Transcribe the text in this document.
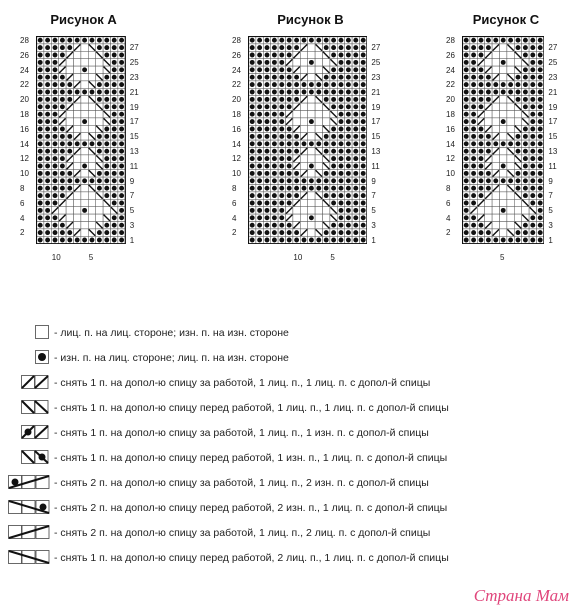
Рисунок А
28
26
24
22
20
18
16
14
12
10
8
6
4
2
27
25
23
21
19
17
15
13
11
9
7
5
3
1
10	5
Рисунок В
28
26
24
22
20
18
16
14
12
10
8
6
4
2
27
25
23
21
19
17
15
13
11
9
7
5
3
1
10	5
Рисунок С
28
26
24
22
20
18
16
14
12
10
8
6
4
2
27
25
23
21
19
17
15
13
11
9
7
5
3
1
5
- лиц. п. на лиц. стороне; изн. п. на изн. стороне
- изн. п. на лиц. стороне; лиц. п. на изн. стороне
- снять 1 п. на допол-ю спицу за работой, 1 лиц. п., 1 лиц. п. с допол-й спицы
- снять 1 п. на допол-ю спицу перед работой, 1 лиц. п., 1 лиц. п. с допол-й спицы
- снять 1 п. на допол-ю спицу за работой, 1 лиц. п., 1 изн. п. с допол-й спицы
- снять 1 п. на допол-ю спицу перед работой, 1 изн. п., 1 лиц. п. с допол-й спицы
- снять 2 п. на допол-ю спицу за работой, 1 лиц. п., 2 изн. п. с допол-й спицы
- снять 2 п. на допол-ю спицу перед работой, 2 изн. п., 1 лиц. п. с допол-й спицы
- снять 2 п. на допол-ю спицу за работой, 1 лиц. п., 2 лиц. п. с допол-й спицы
- снять 1 п. на допол-ю спицу перед работой, 2 лиц. п., 1 лиц. п. с допол-й спицы
Страна Мам
